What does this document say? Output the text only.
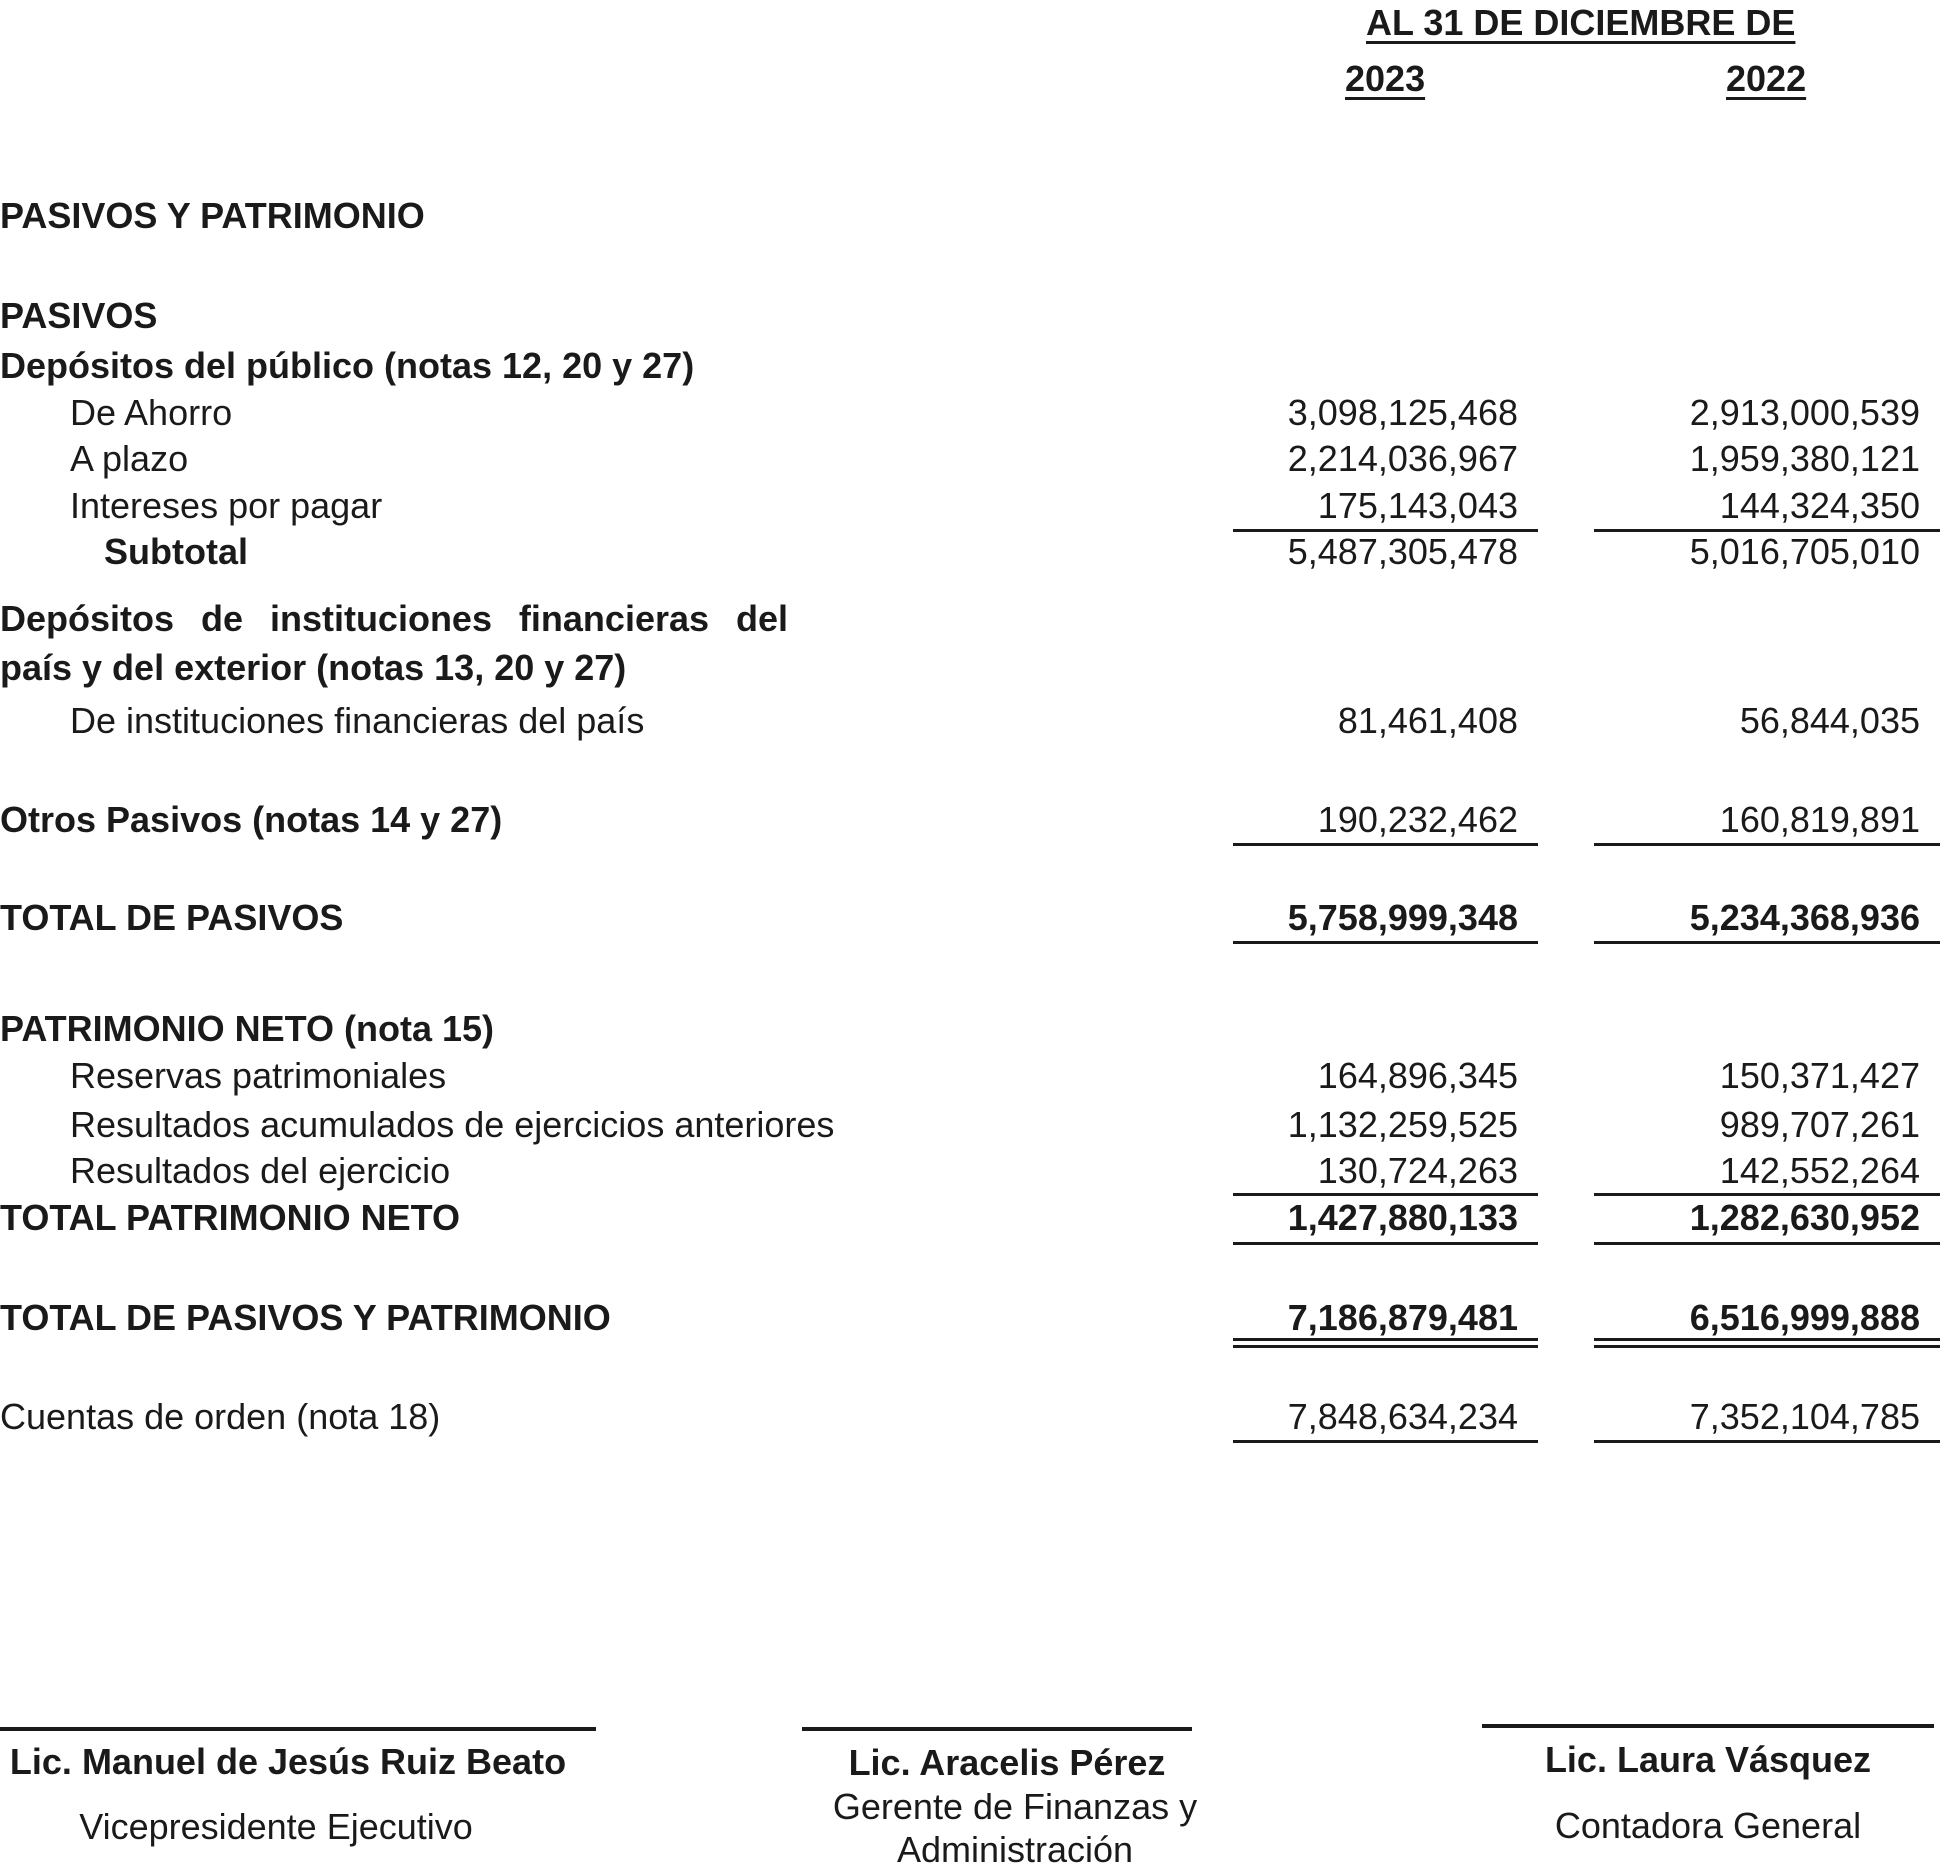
AL 31 DE DICIEMBRE DE
2023	2022
PASIVOS Y PATRIMONIO
PASIVOS
Depósitos del público (notas 12, 20 y 27)
De Ahorro	3,098,125,468	2,913,000,539
A plazo	2,214,036,967	1,959,380,121
Intereses por pagar	175,143,043	144,324,350
Subtotal	5,487,305,478	5,016,705,010
Depósitos de instituciones financieras del
país y del exterior (notas 13, 20 y 27)
De instituciones financieras del país	81,461,408	56,844,035
Otros Pasivos (notas 14 y 27)	190,232,462	160,819,891
TOTAL DE PASIVOS	5,758,999,348	5,234,368,936
PATRIMONIO NETO (nota 15)
Reservas patrimoniales	164,896,345	150,371,427
Resultados acumulados de ejercicios anteriores	1,132,259,525	989,707,261
Resultados del ejercicio	130,724,263	142,552,264
TOTAL PATRIMONIO NETO	1,427,880,133	1,282,630,952
TOTAL DE PASIVOS Y PATRIMONIO	7,186,879,481	6,516,999,888
Cuentas de orden (nota 18)	7,848,634,234	7,352,104,785
Lic. Manuel de Jesús Ruiz Beato
Vicepresidente Ejecutivo
Lic. Aracelis Pérez
Gerente de Finanzas y
Administración
Lic. Laura Vásquez
Contadora General
